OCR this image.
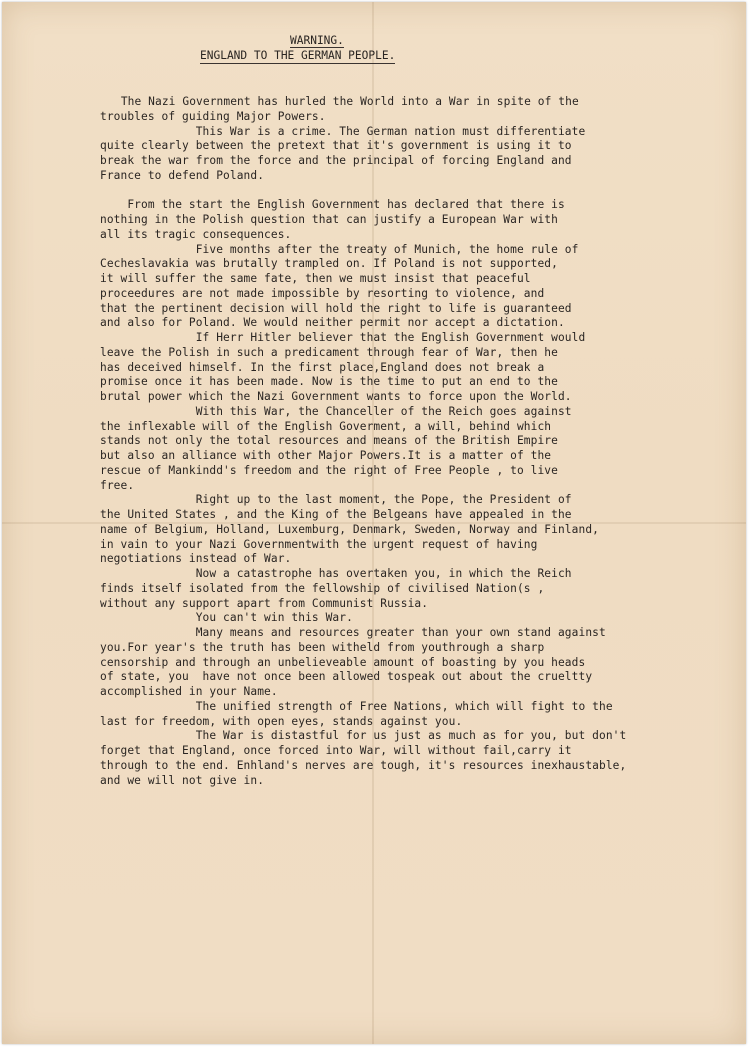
WARNING.
ENGLAND TO THE GERMAN PEOPLE.
The Nazi Government has hurled the World into a War in spite of the
troubles of guiding Major Powers.
This War is a crime. The German nation must differentiate
quite clearly between the pretext that it's government is using it to
break the war from the force and the principal of forcing England and
France to defend Poland.
From the start the English Government has declared that there is
nothing in the Polish question that can justify a European War with
all its tragic consequences.
Five months after the treaty of Munich, the home rule of
Cecheslavakia was brutally trampled on. If Poland is not supported,
it will suffer the same fate, then we must insist that peaceful
proceedures are not made impossible by resorting to violence, and
that the pertinent decision will hold the right to life is guaranteed
and also for Poland. We would neither permit nor accept a dictation.
If Herr Hitler believer that the English Government would
leave the Polish in such a predicament through fear of War, then he
has deceived himself. In the first place,England does not break a
promise once it has been made. Now is the time to put an end to the
brutal power which the Nazi Government wants to force upon the World.
With this War, the Chanceller of the Reich goes against
the inflexable will of the English Goverment, a will, behind which
stands not only the total resources and means of the British Empire
but also an alliance with other Major Powers.It is a matter of the
rescue of Mankindd's freedom and the right of Free People , to live
free.
Right up to the last moment, the Pope, the President of
the United States , and the King of the Belgeans have appealed in the
name of Belgium, Holland, Luxemburg, Denmark, Sweden, Norway and Finland,
in vain to your Nazi Governmentwith the urgent request of having
negotiations instead of War.
Now a catastrophe has overtaken you, in which the Reich
finds itself isolated from the fellowship of civilised Nation(s ,
without any support apart from Communist Russia.
You can't win this War.
Many means and resources greater than your own stand against
you.For year's the truth has been witheld from youthrough a sharp
censorship and through an unbelieveable amount of boasting by you heads
of state, you  have not once been allowed tospeak out about the crueltty
accomplished in your Name.
The unified strength of Free Nations, which will fight to the
last for freedom, with open eyes, stands against you.
The War is distastful for us just as much as for you, but don't
forget that England, once forced into War, will without fail,carry it
through to the end. Enhland's nerves are tough, it's resources inexhaustable,
and we will not give in.
